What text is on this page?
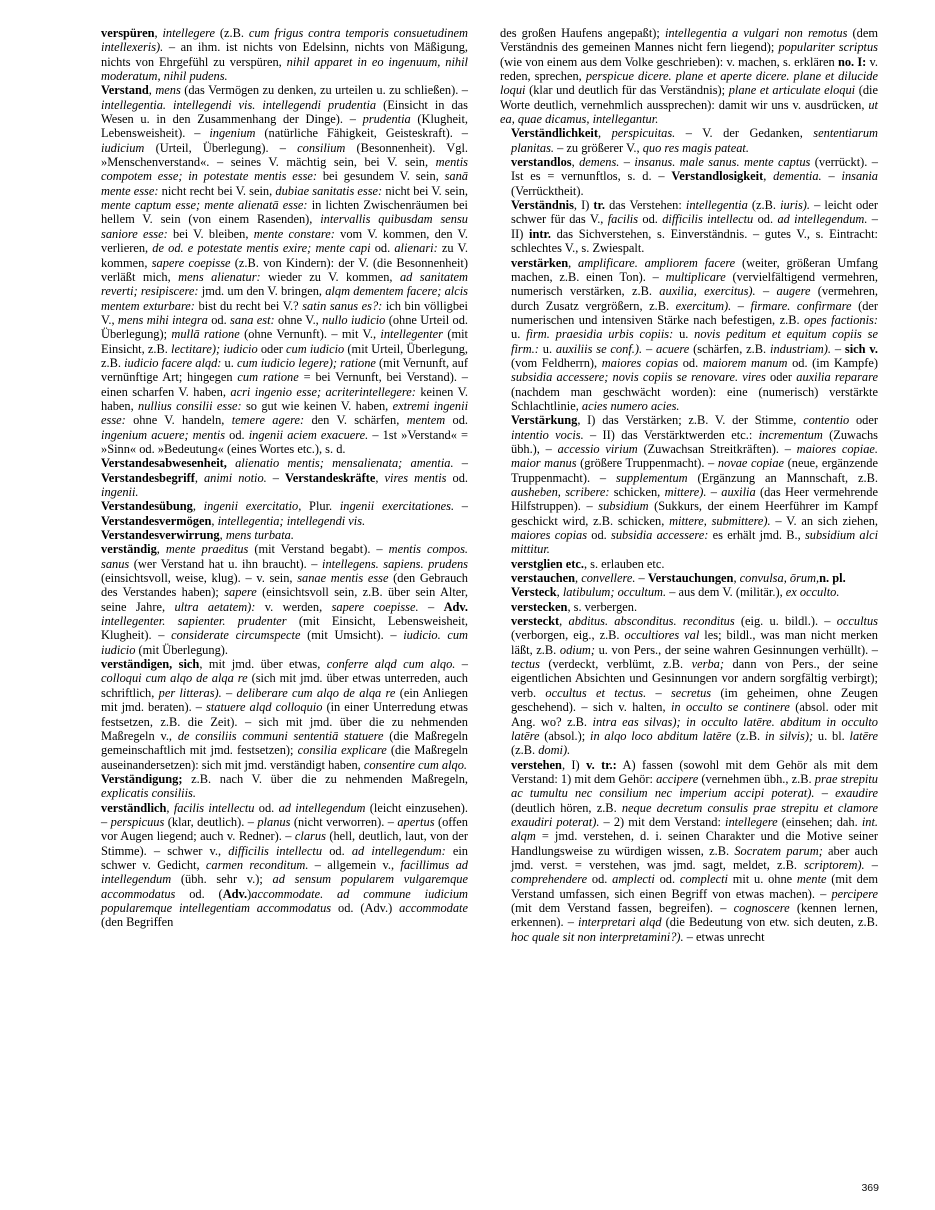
verspüren, intellegere (z.B. cum frigus contra temporis consuetudinem intellexeris). – an ihm. ist nichts von Edelsinn, nichts von Mäßigung, nichts von Ehrgefühl zu verspüren, nihil apparet in eo ingenuum, nihil moderatum, nihil pudens.

Verstand, mens (das Vermögen zu denken, zu urteilen u. zu schließen). – intellegentia. intellegendi vis. intellegendi prudentia (Einsicht in das Wesen u. in den Zusammenhang der Dinge). – prudentia (Klugheit, Lebensweisheit). – ingenium (natürliche Fähigkeit, Geisteskraft). – iudicium (Urteil, Überlegung). – consilium (Besonnenheit). Vgl. »Menschenverstand«. – seines V. mächtig sein, bei V. sein, mentis compotem esse; in potestate mentis esse: bei gesundem V. sein, sanā mente esse: nicht recht bei V. sein, dubiae sanitatis esse: nicht bei V. sein, mente captum esse; mente alienatā esse: in lichten Zwischenräumen bei hellem V. sein (von einem Rasenden), intervallis quibusdam sensu saniore esse: bei V. bleiben, mente constare: vom V. kommen, den V. verlieren, de od. e potestate mentis exire; mente capi od. alienari: zu V. kommen, sapere coepisse (z.B. von Kindern): der V. (die Besonnenheit) verläßt mich, mens alienatur: wieder zu V. kommen, ad sanitatem reverti; resipiscere: jmd. um den V. bringen, alqm dementem facere; alcis mentem exturbare: bist du recht bei V.? satin sanus es?: ich bin völligbei V., mens mihi integra od. sana est: ohne V., nullo iudicio (ohne Urteil od. Überlegung); mullā ratione (ohne Vernunft). – mit V., intellegenter (mit Einsicht, z.B. lectitare); iudicio oder cum iudicio (mit Urteil, Überlegung, z.B. iudicio facere alqd: u. cum iudicio legere); ratione (mit Vernunft, auf vernünftige Art; hingegen cum ratione = bei Vernunft, bei Verstand). – einen scharfen V. haben, acri ingenio esse; acriterintellegere: keinen V. haben, nullius consilii esse: so gut wie keinen V. haben, extremi ingenii esse: ohne V. handeln, temere agere: den V. schärfen, mentem od. ingenium acuere; mentis od. ingenii aciem exacuere. – 1st »Verstand« = »Sinn« od. »Bedeutung« (eines Wortes etc.), s. d.

Verstandesabwesenheit, alienatio mentis; mensalienata; amentia. – Verstandesbegriff, animi notio. – Verstandeskräfte, vires mentis od. ingenii.

Verstandesübung, ingenii exercitatio, Plur. ingenii exercitationes. – Verstandesvermögen, intellegentia; intellegendi vis.

Verstandesverwirrung, mens turbata.

verständig, mente praeditus (mit Verstand begabt). – mentis compos. sanus (wer Verstand hat u. ihn braucht). – intellegens. sapiens. prudens (einsichtsvoll, weise, klug). – v. sein, sanae mentis esse (den Gebrauch des Verstandes haben); sapere (einsichtsvoll sein, z.B. über sein Alter, seine Jahre, ultra aetatem): v. werden, sapere coepisse. – Adv. intellegenter. sapienter. prudenter (mit Einsicht, Lebensweisheit, Klugheit). – considerate circumspecte (mit Umsicht). – iudicio. cum iudicio (mit Überlegung).

verständigen, sich, mit jmd. über etwas, conferre alqd cum alqo. – colloqui cum alqo de alqa re (sich mit jmd. über etwas unterreden, auch schriftlich, per litteras). – deliberare cum alqo de alqa re (ein Anliegen mit jmd. beraten). – statuere alqd colloquio (in einer Unterredung etwas festsetzen, z.B. die Zeit). – sich mit jmd. über die zu nehmenden Maßregeln v., de consiliis communi sententiā statuere (die Maßregeln gemeinschaftlich mit jmd. festsetzen); consilia explicare (die Maßregeln auseinandersetzen): sich mit jmd. verständigt haben, consentire cum alqo.

Verständigung; z.B. nach V. über die zu nehmenden Maßregeln, explicatis consiliis.

verständlich, facilis intellectu od. ad intellegendum (leicht einzusehen). – perspicuus (klar, deutlich). – planus (nicht verworren). – apertus (offen vor Augen liegend; auch v. Redner). – clarus (hell, deutlich, laut, von der Stimme). – schwer v., difficilis intellectu od. ad intellegendum: ein schwer v. Gedicht, carmen reconditum. – allgemein v., facillimus ad intellegendum (übh. sehr v.); ad sensum popularem vulgaremque accommodatus od. (Adv.)accommodate. ad commune iudicium popularemque intellegentiam accommodatus od. (Adv.) accommodate (den Begriffen

des großen Haufens angepaßt); intellegentia a vulgari non remotus (dem Verständnis des gemeinen Mannes nicht fern liegend); populariter scriptus (wie von einem aus dem Volke geschrieben): v. machen, s. erklären no. I: v. reden, sprechen, perspicue dicere. plane et aperte dicere. plane et dilucide loqui (klar und deutlich für das Verständnis); plane et articulate eloqui (die Worte deutlich, vernehmlich aussprechen): damit wir uns v. ausdrücken, ut ea, quae dicamus, intellegantur.

Verständlichkeit, perspicuitas. – V. der Gedanken, sententiarum planitas. – zu größerer V., quo res magis pateat.

verstandlos, demens. – insanus. male sanus. mente captus (verrückt). – Ist es = vernunftlos, s. d. – Verstandlosigkeit, dementia. – insania (Verrücktheit).

Verständnis, I) tr. das Verstehen: intellegentia (z.B. iuris). – leicht oder schwer für das V., facilis od. difficilis intellectu od. ad intellegendum. – II) intr. das Sichverstehen, s. Einverständnis. – gutes V., s. Eintracht: schlechtes V., s. Zwiespalt.

verstärken, amplificare. ampliorem facere (weiter, größeran Umfang machen, z.B. einen Ton). – multiplicare (vervielfältigend vermehren, numerisch verstärken, z.B. auxilia, exercitus). – augere (vermehren, durch Zusatz vergrößern, z.B. exercitum). – firmare. confirmare (der numerischen und intensiven Stärke nach befestigen, z.B. opes factionis: u. firm. praesidia urbis copiis: u. novis peditum et equitum copiis se firm.: u. auxiliis se conf.). – acuere (schärfen, z.B. industriam). – sich v. (vom Feldherrn), maiores copias od. maiorem manum od. (im Kampfe) subsidia accessere; novis copiis se renovare. vires oder auxilia reparare (nachdem man geschwächt worden): eine (numerisch) verstärkte Schlachtlinie, acies numero acies.

Verstärkung, I) das Verstärken; z.B. V. der Stimme, contentio oder intentio vocis. – II) das Verstärktwerden etc.: incrementum (Zuwachs übh.), – accessio virium (Zuwachsan Streitkräften). – maiores copiae. maior manus (größere Truppenmacht). – novae copiae (neue, ergänzende Truppenmacht). – supplementum (Ergänzung an Mannschaft, z.B. ausheben, scribere: schicken, mittere). – auxilia (das Heer vermehrende Hilfstruppen). – subsidium (Sukkurs, der einem Heerführer im Kampf geschickt wird, z.B. schicken, mittere, submittere). – V. an sich ziehen, maiores copias od. subsidia accessere: es erhält jmd. B., subsidium alci mittitur.

verstglien etc., s. erlauben etc.

verstauchen, convellere. – Verstauchungen, convulsa, ōrum,n. pl.

Versteck, latibulum; occultum. – aus dem V. (militär.), ex occulto.

verstecken, s. verbergen.

versteckt, abditus. absconditus. reconditus (eig. u. bildl.). – occultus (verborgen, eig., z.B. occultiores val les; bildl., was man nicht merken läßt, z.B. odium; u. von Pers., der seine wahren Gesinnungen verhüllt). – tectus (verdeckt, verblümt, z.B. verba; dann von Pers., der seine eigentlichen Absichten und Gesinnungen vor andern sorgfältig verbirgt); verb. occultus et tectus. – secretus (im geheimen, ohne Zeugen geschehend). – sich v. halten, in occulto se continere (absol. oder mit Ang. wo? z.B. intra eas silvas); in occulto latēre. abditum in occulto latēre (absol.); in alqo loco abditum latēre (z.B. in silvis); u. bl. latēre (z.B. domi).

verstehen, I) v. tr.: A) fassen (sowohl mit dem Gehör als mit dem Verstand: 1) mit dem Gehör: accipere (vernehmen übh., z.B. prae strepitu ac tumultu nec consilium nec imperium accipi poterat). – exaudire (deutlich hören, z.B. neque decretum consulis prae strepitu et clamore exaudiri poterat). – 2) mit dem Verstand: intellegere (einsehen; dah. int. alqm = jmd. verstehen, d. i. seinen Charakter und die Motive seiner Handlungsweise zu würdigen wissen, z.B. Socratem parum; aber auch jmd. verst. = verstehen, was jmd. sagt, meldet, z.B. scriptorem). – comprehendere od. amplecti od. complecti mit u. ohne mente (mit dem Verstand umfassen, sich einen Begriff von etwas machen). – percipere (mit dem Verstand fassen, begreifen). – cognoscere (kennen lernen, erkennen). – interpretari alqd (die Bedeutung von etw. sich deuten, z.B. hoc quale sit non interpretamini?). – etwas unrecht

369
